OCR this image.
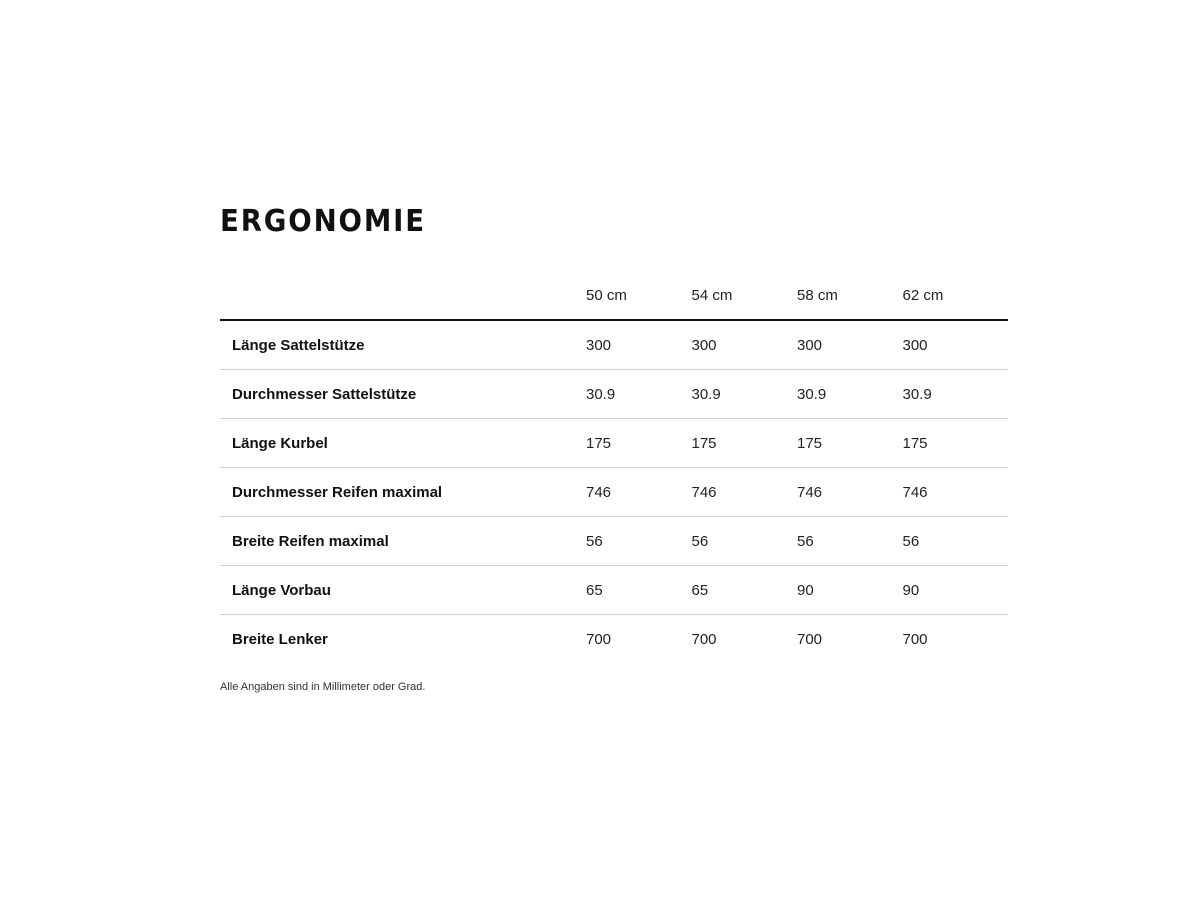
ERGONOMIE
	50 cm	54 cm	58 cm	62 cm
Länge Sattelstütze	300	300	300	300
Durchmesser Sattelstütze	30.9	30.9	30.9	30.9
Länge Kurbel	175	175	175	175
Durchmesser Reifen maximal	746	746	746	746
Breite Reifen maximal	56	56	56	56
Länge Vorbau	65	65	90	90
Breite Lenker	700	700	700	700
Alle Angaben sind in Millimeter oder Grad.
